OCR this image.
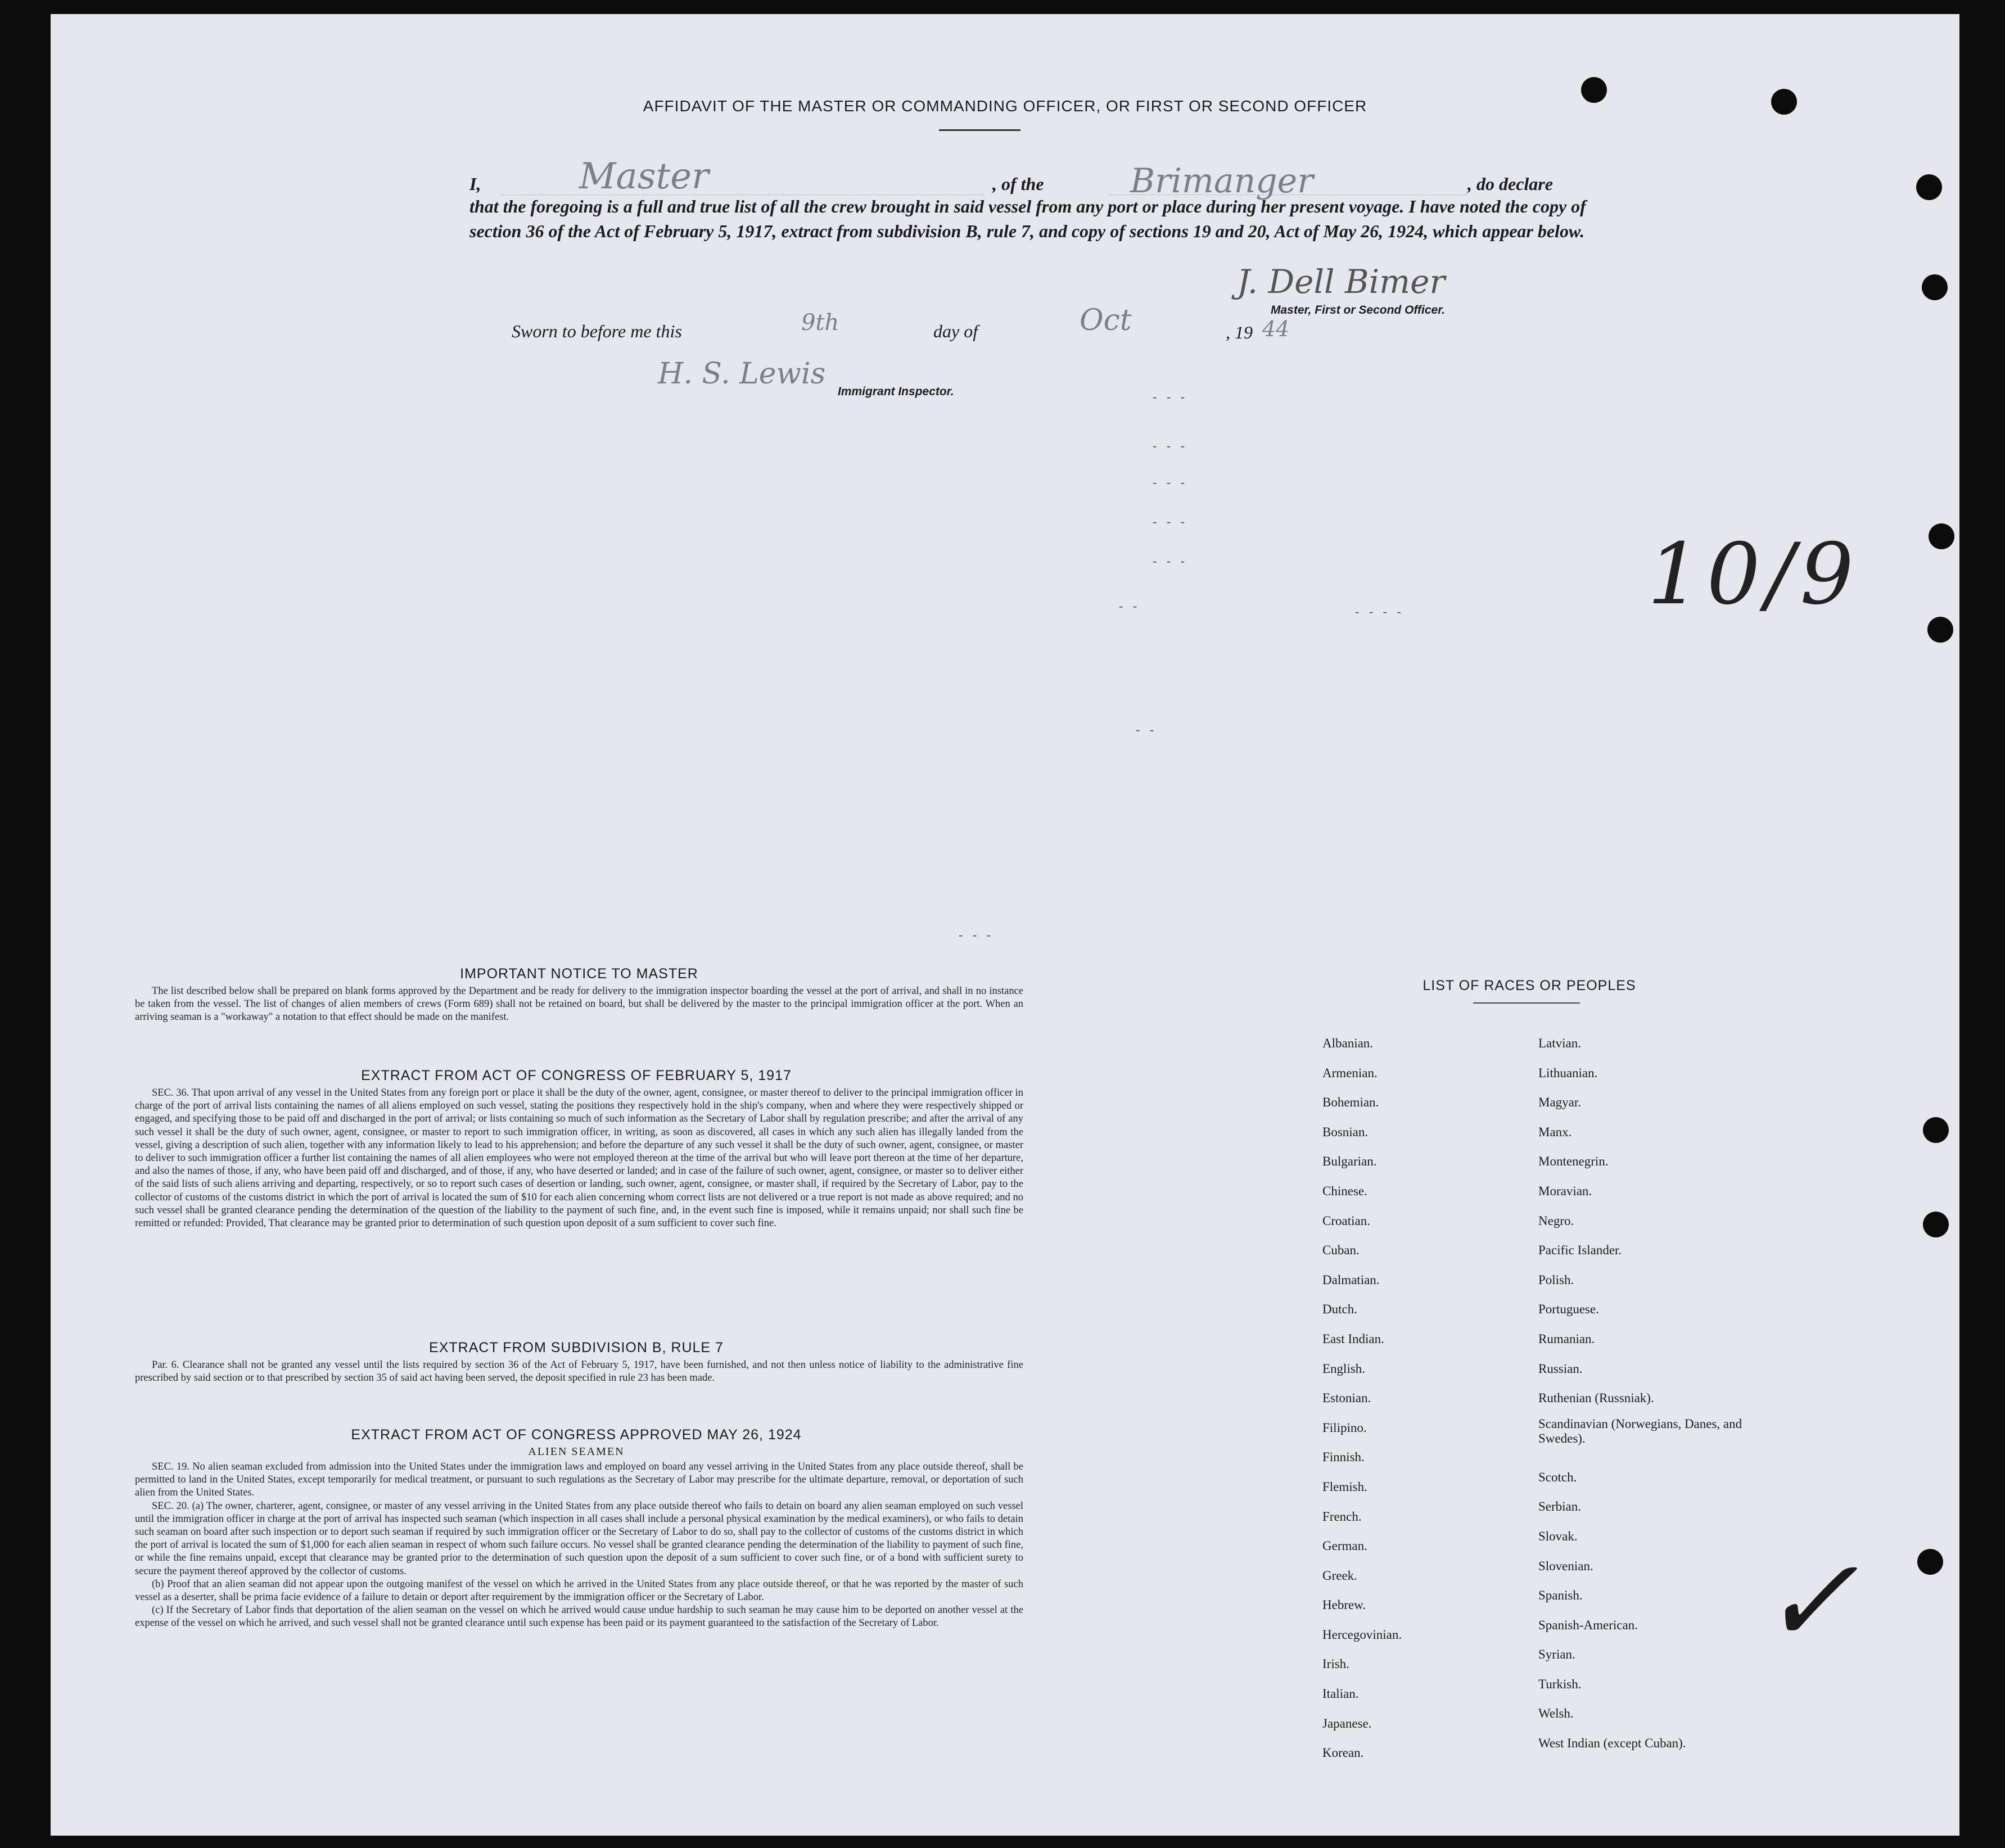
AFFIDAVIT OF THE MASTER OR COMMANDING OFFICER, OR FIRST OR SECOND OFFICER
I,	Master	, of the	Brimanger	, do declare
that the foregoing is a full and true list of all the crew brought in said vessel from any port or place during her present voyage. I have noted the copy of section 36 of the Act of February 5, 1917, extract from subdivision B, rule 7, and copy of sections 19 and 20, Act of May 26, 1924, which appear below.
J. Dell Bimer
Master, First or Second Officer.
Sworn to before me this	9th	day of	Oct	, 19 44
H. S. Lewis
Immigrant Inspector.
10/9
✓
- - -
- - -
- - -
- - -
- - -
- -	- - - -
- -
- - -
IMPORTANT NOTICE TO MASTER
The list described below shall be prepared on blank forms approved by the Department and be ready for delivery to the immigration inspector boarding the vessel at the port of arrival, and shall in no instance be taken from the vessel. The list of changes of alien members of crews (Form 689) shall not be retained on board, but shall be delivered by the master to the principal immigration officer at the port. When an arriving seaman is a "workaway" a notation to that effect should be made on the manifest.
EXTRACT FROM ACT OF CONGRESS OF FEBRUARY 5, 1917
SEC. 36. That upon arrival of any vessel in the United States from any foreign port or place it shall be the duty of the owner, agent, consignee, or master thereof to deliver to the principal immigration officer in charge of the port of arrival lists containing the names of all aliens employed on such vessel, stating the positions they respectively hold in the ship's company, when and where they were respectively shipped or engaged, and specifying those to be paid off and discharged in the port of arrival; or lists containing so much of such information as the Secretary of Labor shall by regulation prescribe; and after the arrival of any such vessel it shall be the duty of such owner, agent, consignee, or master to report to such immigration officer, in writing, as soon as discovered, all cases in which any such alien has illegally landed from the vessel, giving a description of such alien, together with any information likely to lead to his apprehension; and before the departure of any such vessel it shall be the duty of such owner, agent, consignee, or master to deliver to such immigration officer a further list containing the names of all alien employees who were not employed thereon at the time of the arrival but who will leave port thereon at the time of her departure, and also the names of those, if any, who have been paid off and discharged, and of those, if any, who have deserted or landed; and in case of the failure of such owner, agent, consignee, or master so to deliver either of the said lists of such aliens arriving and departing, respectively, or so to report such cases of desertion or landing, such owner, agent, consignee, or master shall, if required by the Secretary of Labor, pay to the collector of customs of the customs district in which the port of arrival is located the sum of $10 for each alien concerning whom correct lists are not delivered or a true report is not made as above required; and no such vessel shall be granted clearance pending the determination of the question of the liability to the payment of such fine, and, in the event such fine is imposed, while it remains unpaid; nor shall such fine be remitted or refunded: Provided, That clearance may be granted prior to determination of such question upon deposit of a sum sufficient to cover such fine.
EXTRACT FROM SUBDIVISION B, RULE 7
Par. 6. Clearance shall not be granted any vessel until the lists required by section 36 of the Act of February 5, 1917, have been furnished, and not then unless notice of liability to the administrative fine prescribed by said section or to that prescribed by section 35 of said act having been served, the deposit specified in rule 23 has been made.
EXTRACT FROM ACT OF CONGRESS APPROVED MAY 26, 1924
ALIEN SEAMEN
SEC. 19. No alien seaman excluded from admission into the United States under the immigration laws and employed on board any vessel arriving in the United States from any place outside thereof, shall be permitted to land in the United States, except temporarily for medical treatment, or pursuant to such regulations as the Secretary of Labor may prescribe for the ultimate departure, removal, or deportation of such alien from the United States.
SEC. 20. (a) The owner, charterer, agent, consignee, or master of any vessel arriving in the United States from any place outside thereof who fails to detain on board any alien seaman employed on such vessel until the immigration officer in charge at the port of arrival has inspected such seaman (which inspection in all cases shall include a personal physical examination by the medical examiners), or who fails to detain such seaman on board after such inspection or to deport such seaman if required by such immigration officer or the Secretary of Labor to do so, shall pay to the collector of customs of the customs district in which the port of arrival is located the sum of $1,000 for each alien seaman in respect of whom such failure occurs. No vessel shall be granted clearance pending the determination of the liability to payment of such fine, or while the fine remains unpaid, except that clearance may be granted prior to the determination of such question upon the deposit of a sum sufficient to cover such fine, or of a bond with sufficient surety to secure the payment thereof approved by the collector of customs.
(b) Proof that an alien seaman did not appear upon the outgoing manifest of the vessel on which he arrived in the United States from any place outside thereof, or that he was reported by the master of such vessel as a deserter, shall be prima facie evidence of a failure to detain or deport after requirement by the immigration officer or the Secretary of Labor.
(c) If the Secretary of Labor finds that deportation of the alien seaman on the vessel on which he arrived would cause undue hardship to such seaman he may cause him to be deported on another vessel at the expense of the vessel on which he arrived, and such vessel shall not be granted clearance until such expense has been paid or its payment guaranteed to the satisfaction of the Secretary of Labor.
LIST OF RACES OR PEOPLES
Albanian.
Armenian.
Bohemian.
Bosnian.
Bulgarian.
Chinese.
Croatian.
Cuban.
Dalmatian.
Dutch.
East Indian.
English.
Estonian.
Filipino.
Finnish.
Flemish.
French.
German.
Greek.
Hebrew.
Hercegovinian.
Irish.
Italian.
Japanese.
Korean.
Latvian.
Lithuanian.
Magyar.
Manx.
Montenegrin.
Moravian.
Negro.
Pacific Islander.
Polish.
Portuguese.
Rumanian.
Russian.
Ruthenian (Russniak).
Scandinavian (Norwegians, Danes, and Swedes).
Scotch.
Serbian.
Slovak.
Slovenian.
Spanish.
Spanish-American.
Syrian.
Turkish.
Welsh.
West Indian (except Cuban).
